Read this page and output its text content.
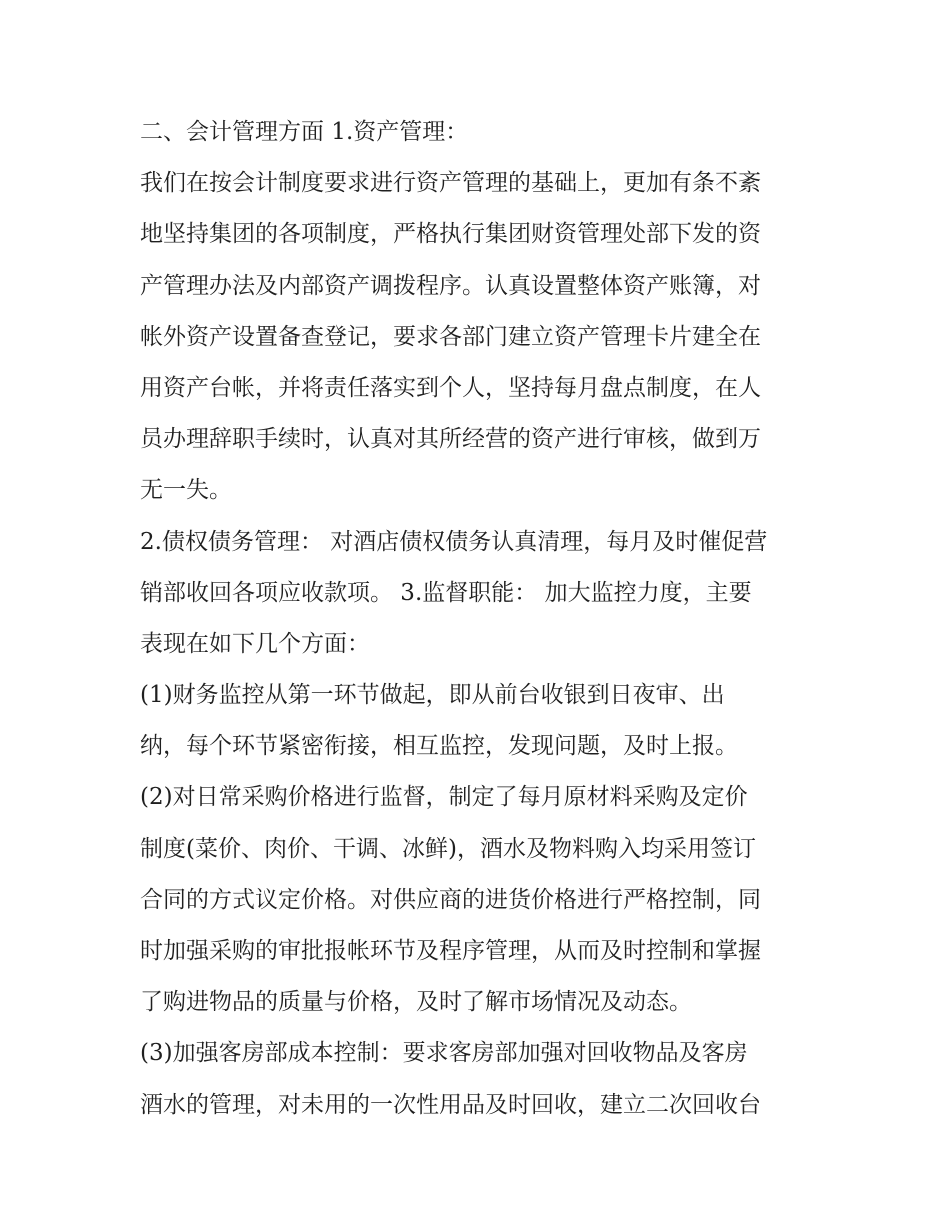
二、会计管理方面 1.资产管理：
我们在按会计制度要求进行资产管理的基础上，更加有条不紊
地坚持集团的各项制度，严格执行集团财资管理处部下发的资
产管理办法及内部资产调拨程序。认真设置整体资产账簿，对
帐外资产设置备查登记，要求各部门建立资产管理卡片建全在
用资产台帐，并将责任落实到个人，坚持每月盘点制度，在人
员办理辞职手续时，认真对其所经营的资产进行审核，做到万
无一失。
2.债权债务管理： 对酒店债权债务认真清理，每月及时催促营
销部收回各项应收款项。 3.监督职能： 加大监控力度，主要
表现在如下几个方面：
(1)财务监控从第一环节做起，即从前台收银到日夜审、出
纳，每个环节紧密衔接，相互监控，发现问题，及时上报。
(2)对日常采购价格进行监督，制定了每月原材料采购及定价
制度(菜价、肉价、干调、冰鲜)，酒水及物料购入均采用签订
合同的方式议定价格。对供应商的进货价格进行严格控制，同
时加强采购的审批报帐环节及程序管理，从而及时控制和掌握
了购进物品的质量与价格，及时了解市场情况及动态。
(3)加强客房部成本控制：要求客房部加强对回收物品及客房
酒水的管理，对未用的一次性用品及时回收，建立二次回收台
